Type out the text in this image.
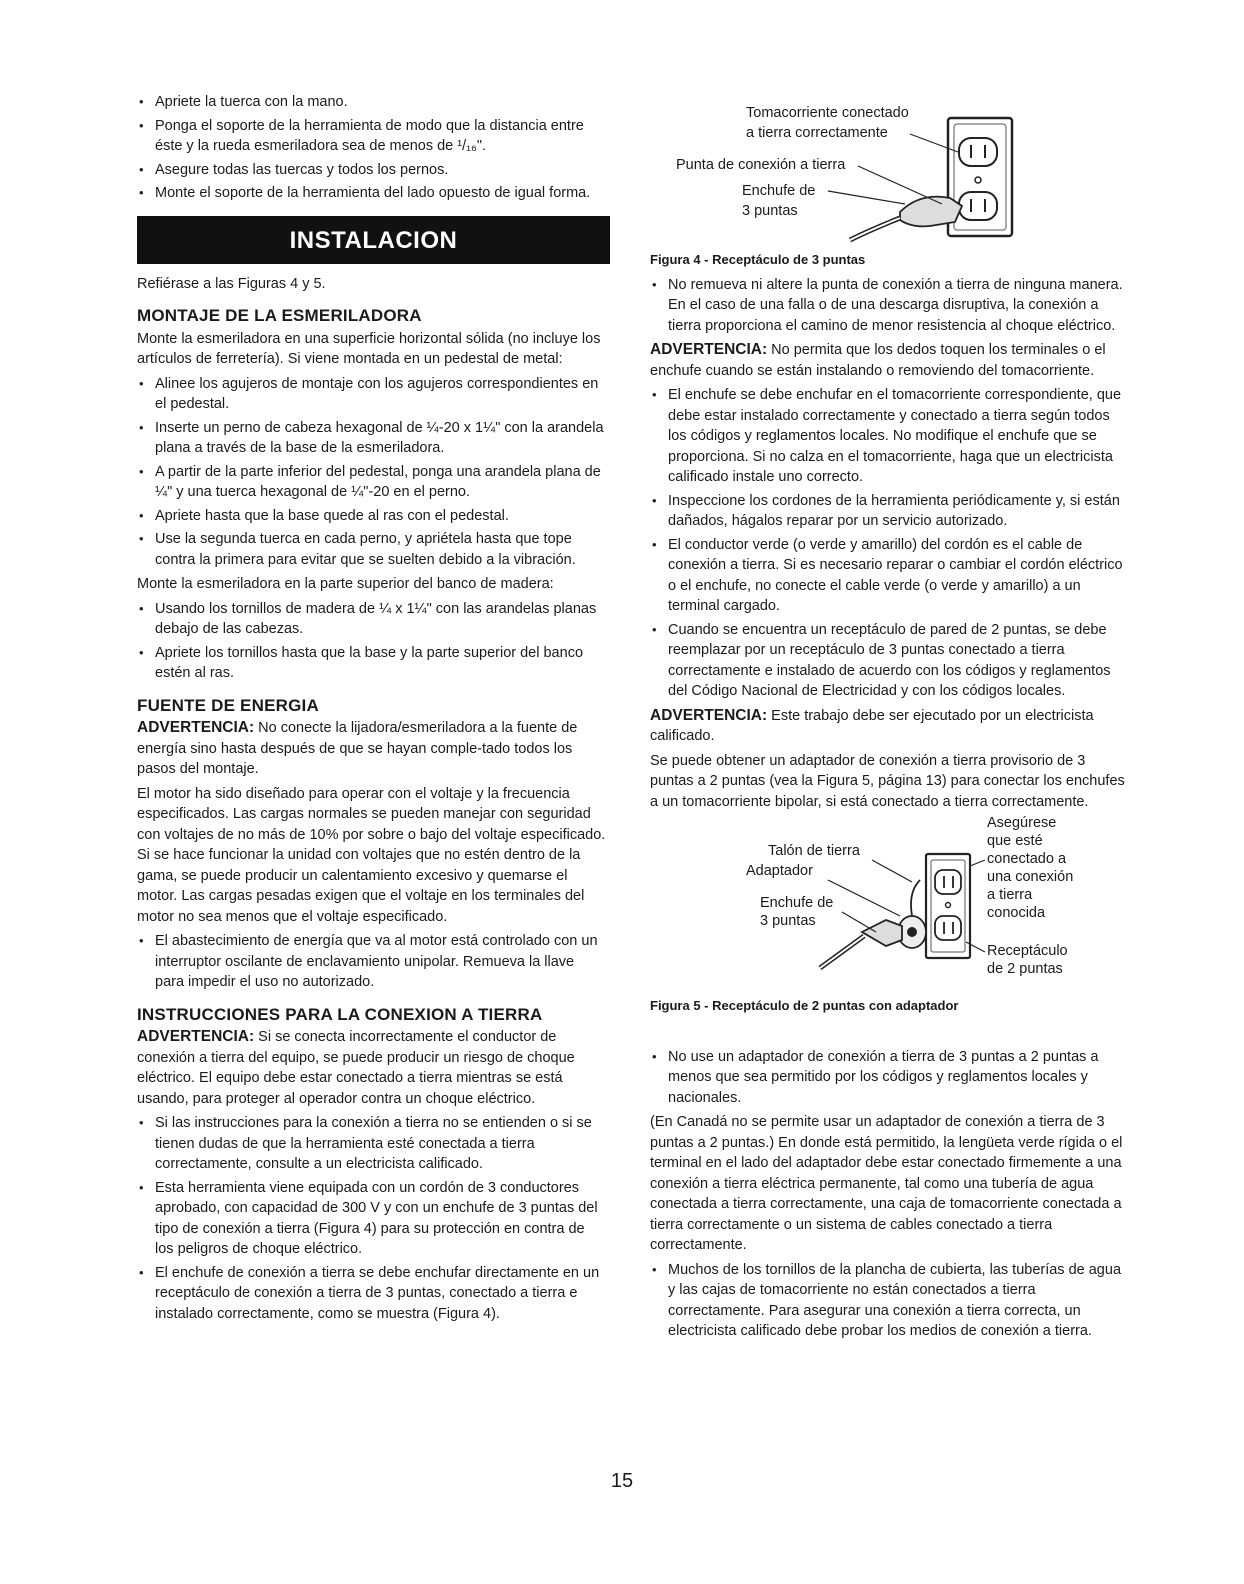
• Apriete la tuerca con la mano.
• Ponga el soporte de la herramienta de modo que la distancia entre éste y la rueda esmeriladora sea de menos de ¹/₁₆".
• Asegure todas las tuercas y todos los pernos.
• Monte el soporte de la herramienta del lado opuesto de igual forma.
INSTALACION

Refiérase a las Figuras 4 y 5.

MONTAJE DE LA ESMERILADORA

Monte la esmeriladora en una superficie horizontal sólida (no incluye los artículos de ferretería). Si viene montada en un pedestal de metal:

• Alinee los agujeros de montaje con los agujeros correspondientes en el pedestal.
• Inserte un perno de cabeza hexagonal de ¼-20 x 1¼" con la arandela plana a través de la base de la esmeriladora.
• A partir de la parte inferior del pedestal, ponga una arandela plana de ¼" y una tuerca hexagonal de ¼"-20 en el perno.
• Apriete hasta que la base quede al ras con el pedestal.
• Use la segunda tuerca en cada perno, y apriétela hasta que tope contra la primera para evitar que se suelten debido a la vibración.

Monte la esmeriladora en la parte superior del banco de madera:

• Usando los tornillos de madera de ¼ x 1¼" con las arandelas planas debajo de las cabezas.
• Apriete los tornillos hasta que la base y la parte superior del banco estén al ras.
FUENTE DE ENERGIA

ADVERTENCIA: No conecte la lijadora/esmeriladora a la fuente de energía sino hasta después de que se hayan comple-tado todos los pasos del montaje.

El motor ha sido diseñado para operar con el voltaje y la frecuencia especificados. Las cargas normales se pueden manejar con seguridad con voltajes de no más de 10% por sobre o bajo del voltaje especificado. Si se hace funcionar la unidad con voltajes que no estén dentro de la gama, se puede producir un calentamiento excesivo y quemarse el motor. Las cargas pesadas exigen que el voltaje en los terminales del motor no sea menos que el voltaje especificado.

• El abastecimiento de energía que va al motor está controlado con un interruptor oscilante de enclavamiento unipolar. Remueva la llave para impedir el uso no autorizado.
INSTRUCCIONES PARA LA CONEXION A TIERRA

ADVERTENCIA: Si se conecta incorrectamente el conductor de conexión a tierra del equipo, se puede producir un riesgo de choque eléctrico. El equipo debe estar conectado a tierra mientras se está usando, para proteger al operador contra un choque eléctrico.

• Si las instrucciones para la conexión a tierra no se entienden o si se tienen dudas de que la herramienta esté conectada a tierra correctamente, consulte a un electricista calificado.
• Esta herramienta viene equipada con un cordón de 3 conductores aprobado, con capacidad de 300 V y con un enchufe de 3 puntas del tipo de conexión a tierra (Figura 4) para su protección en contra de los peligros de choque eléctrico.
• El enchufe de conexión a tierra se debe enchufar directamente en un receptáculo de conexión a tierra de 3 puntas, conectado a tierra e instalado correctamente, como se muestra (Figura 4).
Tomacorriente conectado
a tierra correctamente
Punta de conexión a tierra
Enchufe de
3 puntas
Figura 4 - Receptáculo de 3 puntas
• No remueva ni altere la punta de conexión a tierra de ninguna manera. En el caso de una falla o de una descarga disruptiva, la conexión a tierra proporciona el camino de menor resistencia al choque eléctrico.

ADVERTENCIA: No permita que los dedos toquen los terminales o el enchufe cuando se están instalando o removiendo del tomacorriente.

• El enchufe se debe enchufar en el tomacorriente correspondiente, que debe estar instalado correctamente y conectado a tierra según todos los códigos y reglamentos locales. No modifique el enchufe que se proporciona. Si no calza en el tomacorriente, haga que un electricista calificado instale uno correcto.
• Inspeccione los cordones de la herramienta periódicamente y, si están dañados, hágalos reparar por un servicio autorizado.
• El conductor verde (o verde y amarillo) del cordón es el cable de conexión a tierra. Si es necesario reparar o cambiar el cordón eléctrico o el enchufe, no conecte el cable verde (o verde y amarillo) a un terminal cargado.
• Cuando se encuentra un receptáculo de pared de 2 puntas, se debe reemplazar por un receptáculo de 3 puntas conectado a tierra correctamente e instalado de acuerdo con los códigos y reglamentos del Código Nacional de Electricidad y con los códigos locales.

ADVERTENCIA: Este trabajo debe ser ejecutado por un electricista calificado.

Se puede obtener un adaptador de conexión a tierra provisorio de 3 puntas a 2 puntas (vea la Figura 5, página 13) para conectar los enchufes a un tomacorriente bipolar, si está conectado a tierra correctamente.

Talón de tierra
Adaptador
Enchufe de
3 puntas
Asegúrese
que esté
conectado a
una conexión
a tierra
conocida
Receptáculo
de 2 puntas
Figura 5 - Receptáculo de 2 puntas con adaptador
• No use un adaptador de conexión a tierra de 3 puntas a 2 puntas a menos que sea permitido por los códigos y reglamentos locales y nacionales.

(En Canadá no se permite usar un adaptador de conexión a tierra de 3 puntas a 2 puntas.) En donde está permitido, la lengüeta verde rígida o el terminal en el lado del adaptador debe estar conectado firmemente a una conexión a tierra eléctrica permanente, tal como una tubería de agua conectada a tierra correctamente, una caja de tomacorriente conectada a tierra correctamente o un sistema de cables conectado a tierra correctamente.

• Muchos de los tornillos de la plancha de cubierta, las tuberías de agua y las cajas de tomacorriente no están conectados a tierra correctamente. Para asegurar una conexión a tierra correcta, un electricista calificado debe probar los medios de conexión a tierra.
15
